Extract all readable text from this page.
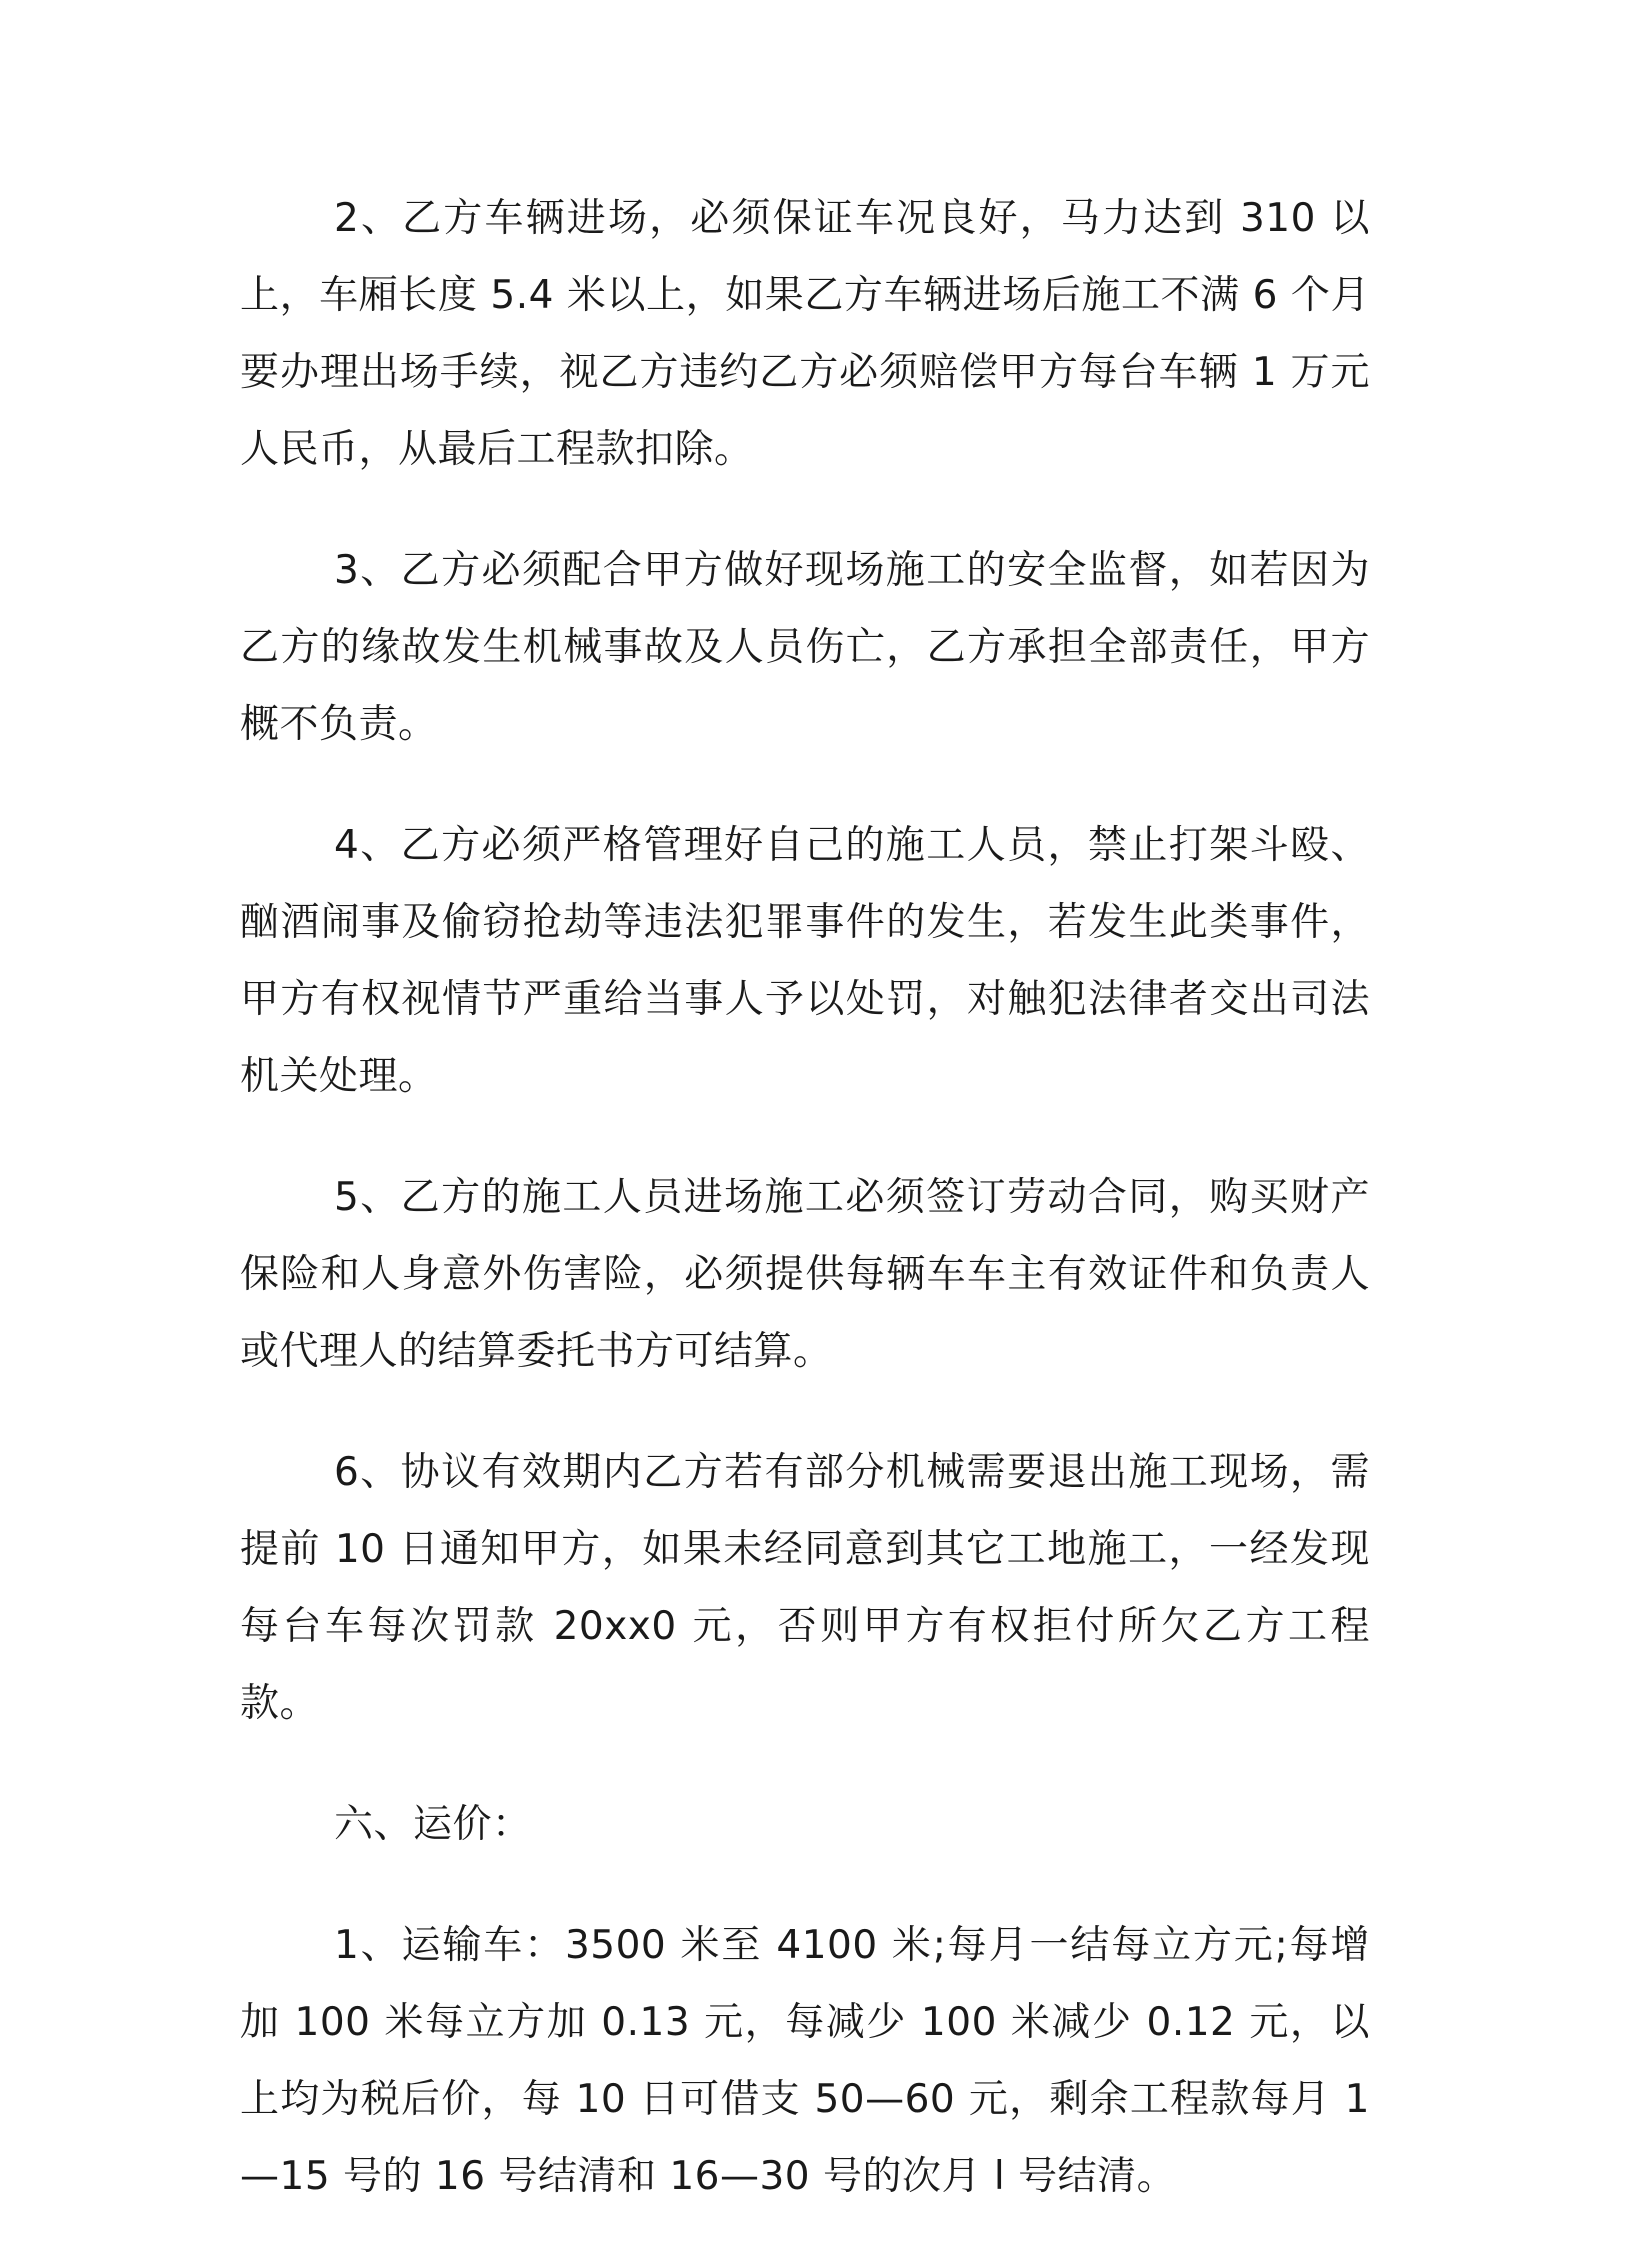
2、乙方车辆进场，必须保证车况良好，马力达到 310 以上，车厢长度 5.4 米以上，如果乙方车辆进场后施工不满 6 个月要办理出场手续，视乙方违约乙方必须赔偿甲方每台车辆 1 万元人民币，从最后工程款扣除。

3、乙方必须配合甲方做好现场施工的安全监督，如若因为乙方的缘故发生机械事故及人员伤亡，乙方承担全部责任，甲方概不负责。

4、乙方必须严格管理好自己的施工人员，禁止打架斗殴、酗酒闹事及偷窃抢劫等违法犯罪事件的发生，若发生此类事件，甲方有权视情节严重给当事人予以处罚，对触犯法律者交出司法机关处理。

5、乙方的施工人员进场施工必须签订劳动合同，购买财产保险和人身意外伤害险，必须提供每辆车车主有效证件和负责人或代理人的结算委托书方可结算。

6、协议有效期内乙方若有部分机械需要退出施工现场，需提前 10 日通知甲方，如果未经同意到其它工地施工，一经发现每台车每次罚款 20xx0 元，否则甲方有权拒付所欠乙方工程款。

六、运价：

1、运输车：3500 米至 4100 米;每月一结每立方元;每增加 100 米每立方加 0.13 元，每减少 100 米减少 0.12 元，以上均为税后价，每 10 日可借支 50—60 元，剩余工程款每月 1—15 号的 16 号结清和 16—30 号的次月 l 号结清。
